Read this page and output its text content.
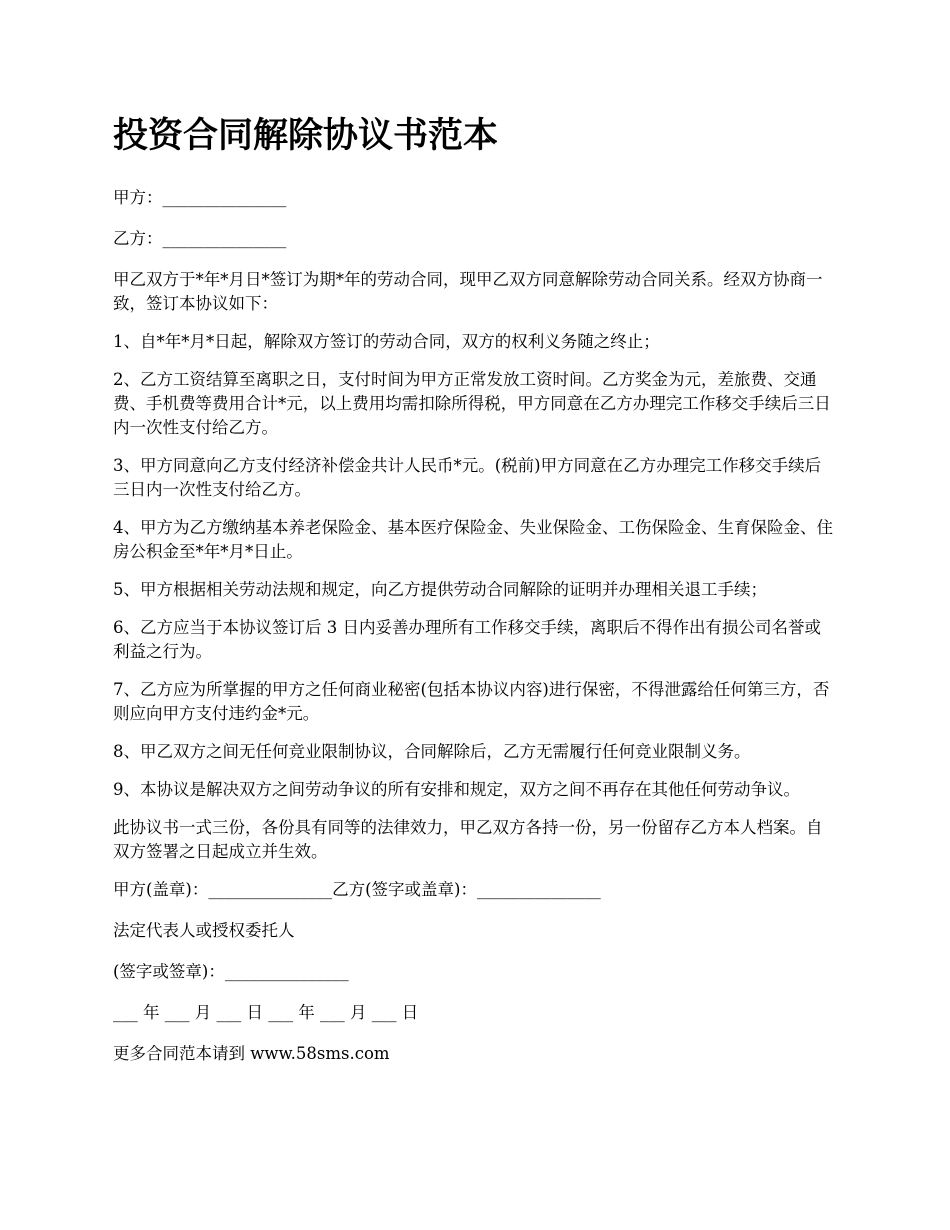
投资合同解除协议书范本

甲方：_______________

乙方：_______________

甲乙双方于*年*月日*签订为期*年的劳动合同，现甲乙双方同意解除劳动合同关系。经双方协商一致，签订本协议如下：

1、自*年*月*日起，解除双方签订的劳动合同，双方的权利义务随之终止；

2、乙方工资结算至离职之日，支付时间为甲方正常发放工资时间。乙方奖金为元，差旅费、交通费、手机费等费用合计*元，以上费用均需扣除所得税，甲方同意在乙方办理完工作移交手续后三日内一次性支付给乙方。

3、甲方同意向乙方支付经济补偿金共计人民币*元。(税前)甲方同意在乙方办理完工作移交手续后三日内一次性支付给乙方。

4、甲方为乙方缴纳基本养老保险金、基本医疗保险金、失业保险金、工伤保险金、生育保险金、住房公积金至*年*月*日止。

5、甲方根据相关劳动法规和规定，向乙方提供劳动合同解除的证明并办理相关退工手续；

6、乙方应当于本协议签订后 3 日内妥善办理所有工作移交手续，离职后不得作出有损公司名誉或利益之行为。

7、乙方应为所掌握的甲方之任何商业秘密(包括本协议内容)进行保密，不得泄露给任何第三方，否则应向甲方支付违约金*元。

8、甲乙双方之间无任何竞业限制协议，合同解除后，乙方无需履行任何竞业限制义务。

9、本协议是解决双方之间劳动争议的所有安排和规定，双方之间不再存在其他任何劳动争议。

此协议书一式三份，各份具有同等的法律效力，甲乙双方各持一份，另一份留存乙方本人档案。自双方签署之日起成立并生效。

甲方(盖章)：_______________乙方(签字或盖章)：_______________

法定代表人或授权委托人

(签字或签章)：_______________

___ 年 ___ 月 ___ 日 ___ 年 ___ 月 ___ 日

更多合同范本请到 www.58sms.com
